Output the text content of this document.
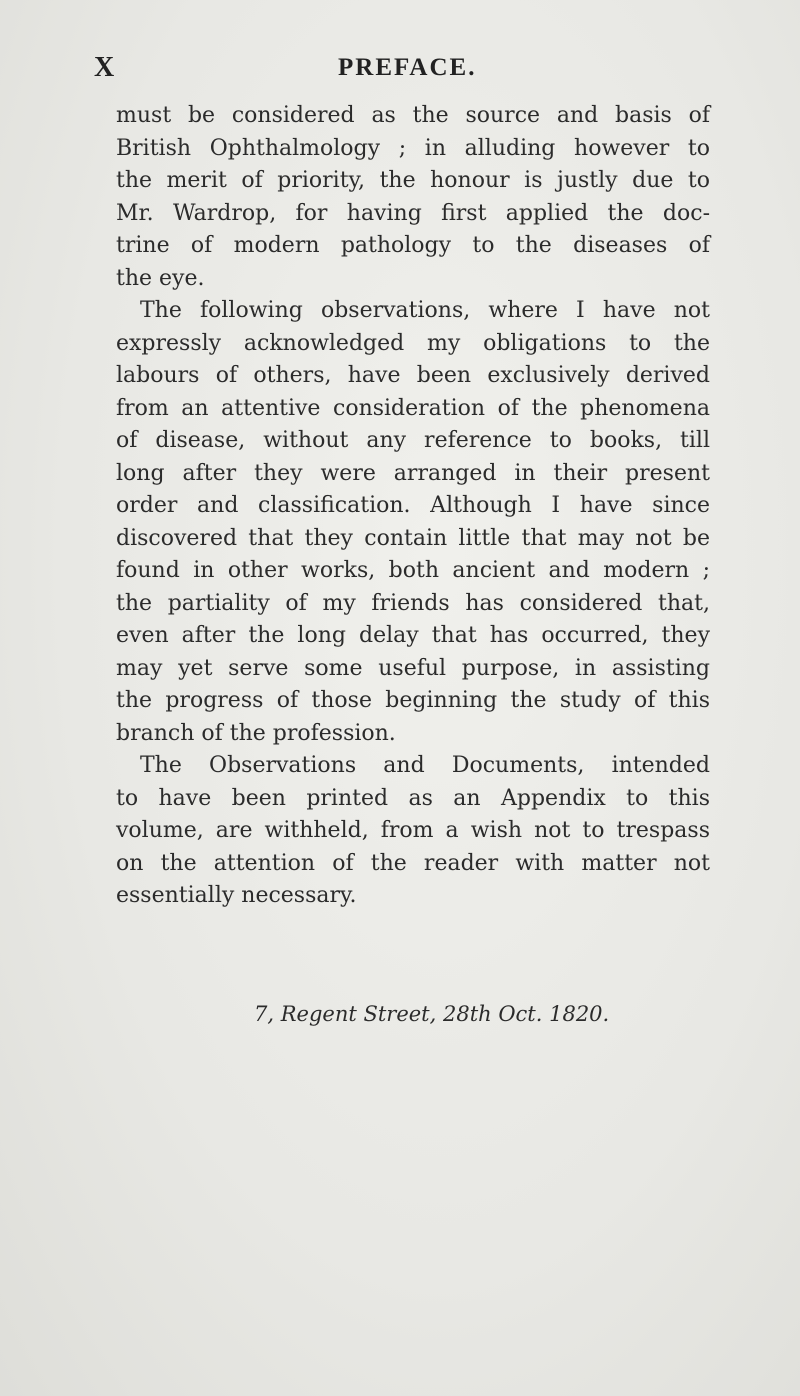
X	PREFACE.
must be considered as the source and basis of
British Ophthalmology ; in alluding however to
the merit of priority, the honour is justly due to
Mr. Wardrop, for having first applied the doc-
trine of modern pathology to the diseases of
the eye.
The following observations, where I have not
expressly acknowledged my obligations to the
labours of others, have been exclusively derived
from an attentive consideration of the phenomena
of disease, without any reference to books, till
long after they were arranged in their present
order and classification. Although I have since
discovered that they contain little that may not be
found in other works, both ancient and modern ;
the partiality of my friends has considered that,
even after the long delay that has occurred, they
may yet serve some useful purpose, in assisting
the progress of those beginning the study of this
branch of the profession.
The Observations and Documents, intended
to have been printed as an Appendix to this
volume, are withheld, from a wish not to trespass
on the attention of the reader with matter not
essentially necessary.
7, Regent Street, 28th Oct. 1820.
